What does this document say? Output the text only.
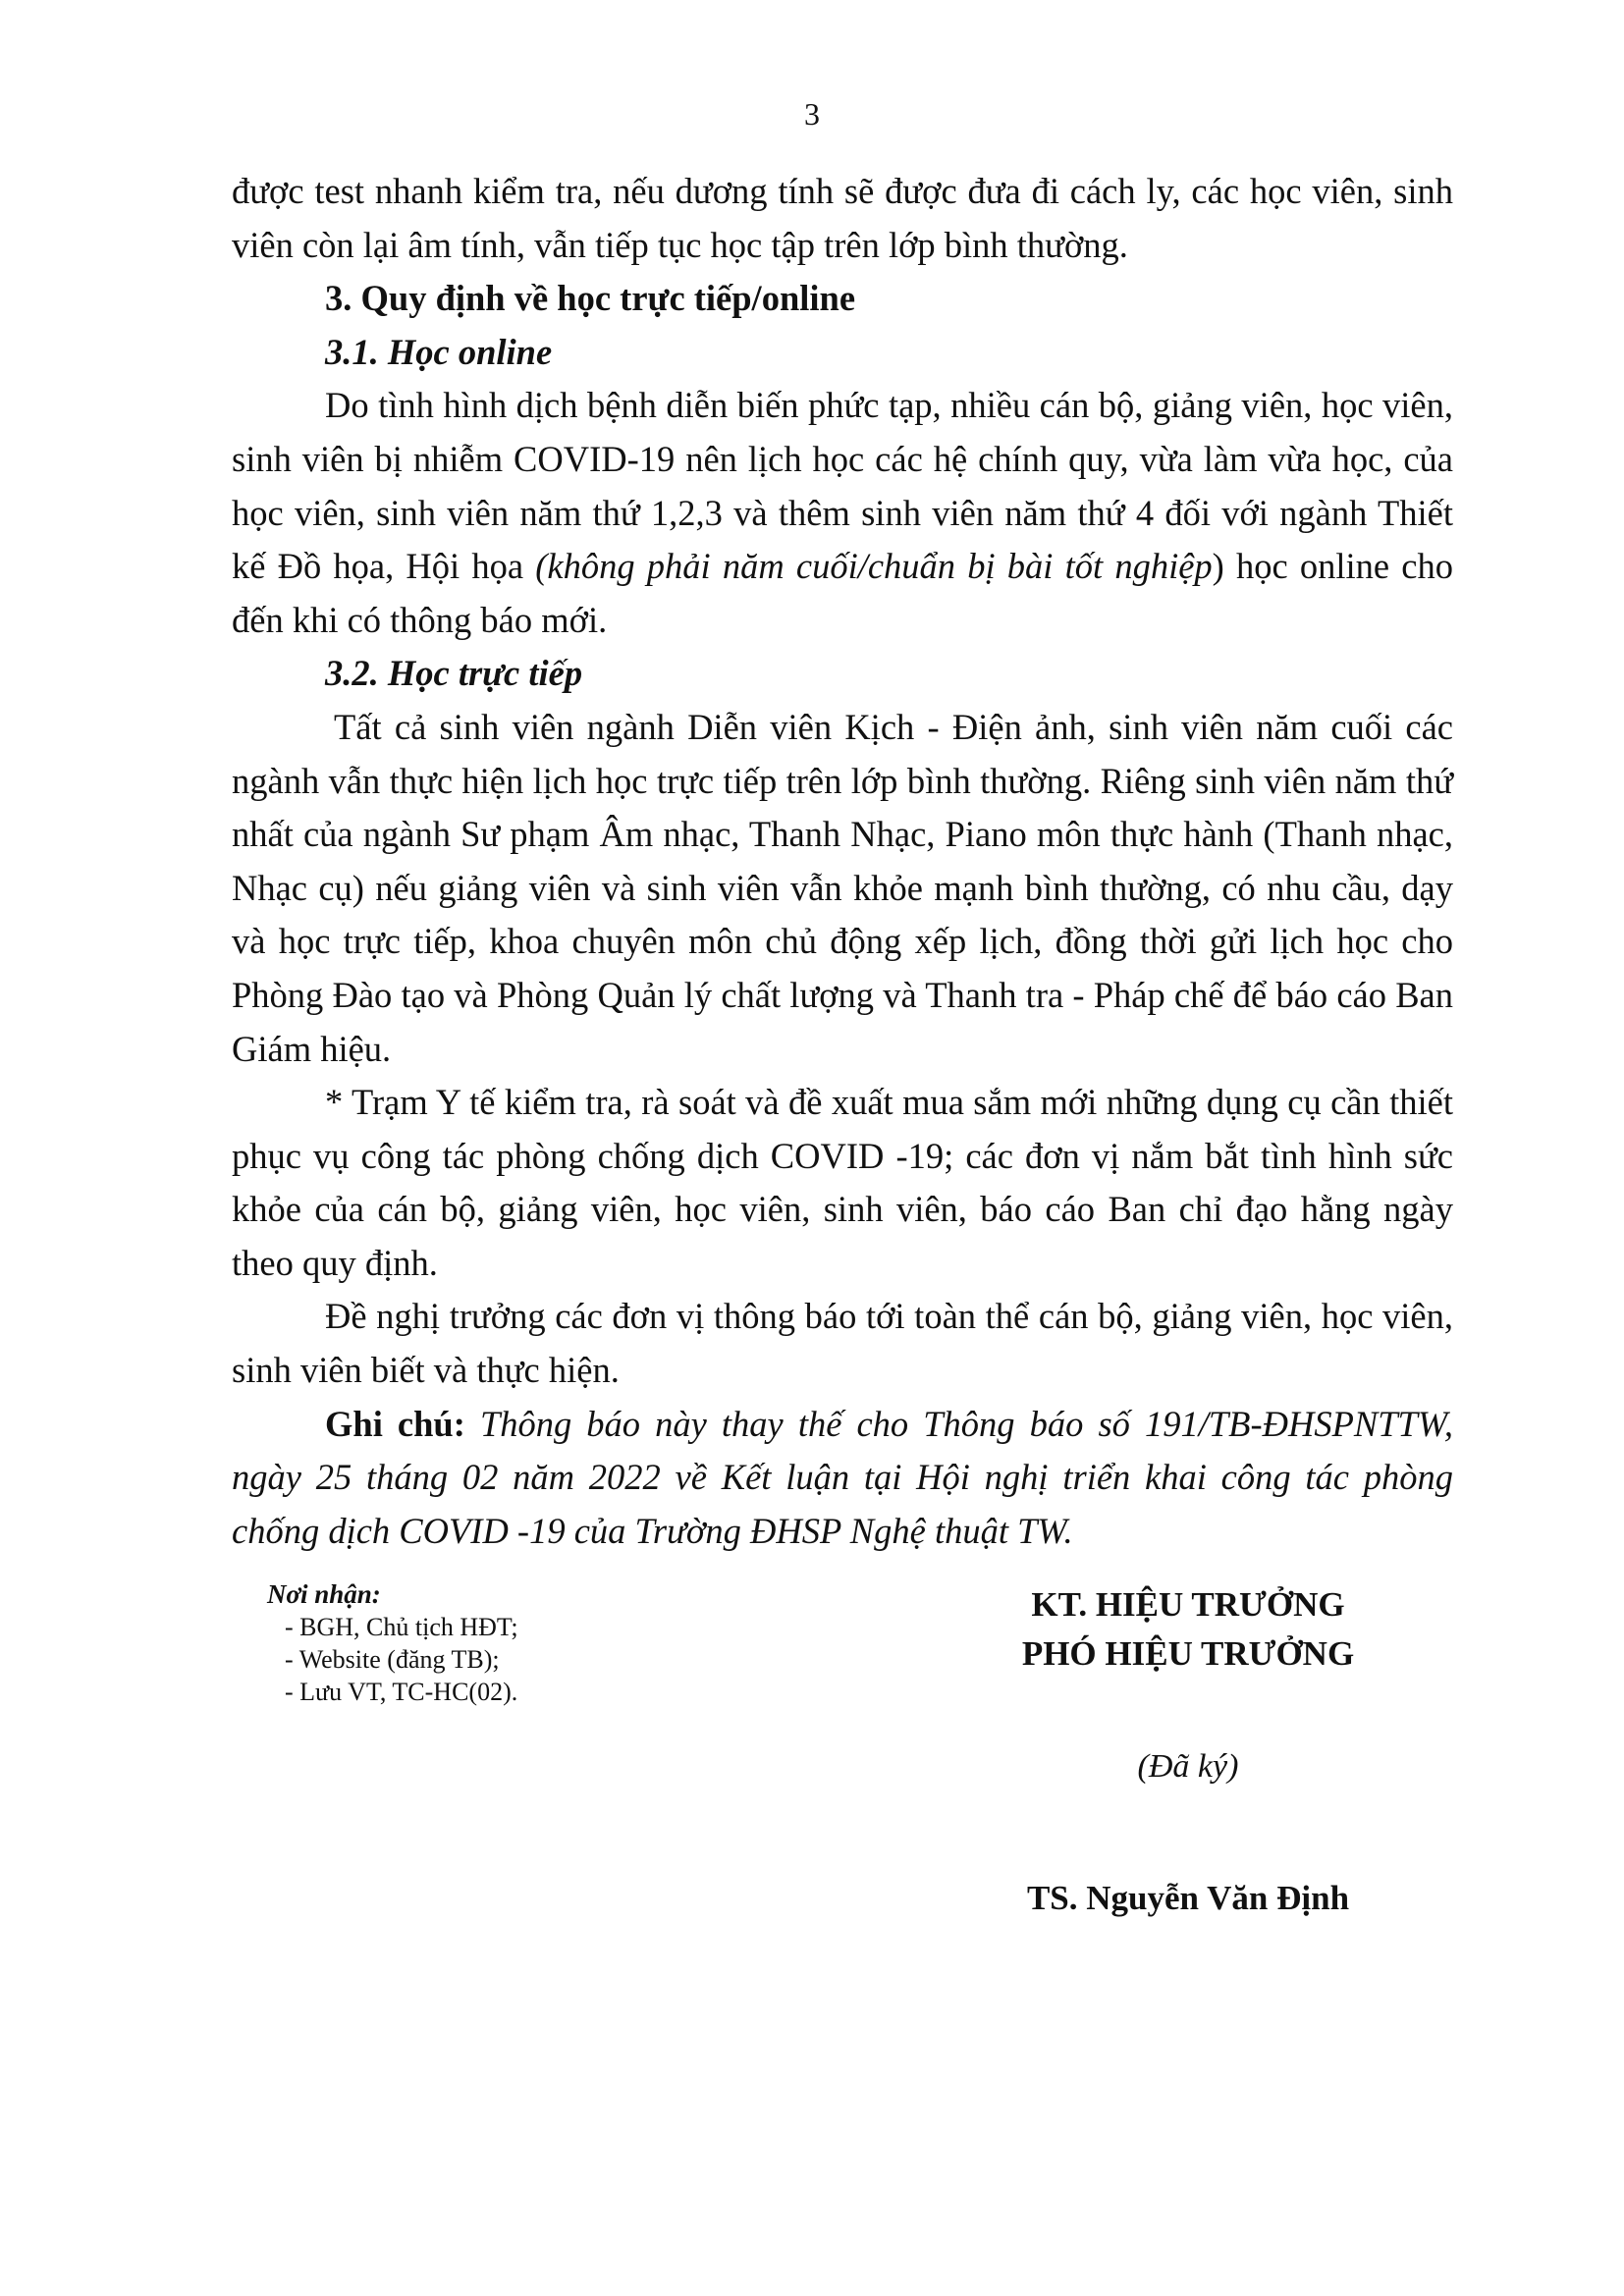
3

được test nhanh kiểm tra, nếu dương tính sẽ được đưa đi cách ly, các học viên, sinh viên còn lại âm tính, vẫn tiếp tục học tập trên lớp bình thường.

3. Quy định về học trực tiếp/online

3.1. Học online

Do tình hình dịch bệnh diễn biến phức tạp, nhiều cán bộ, giảng viên, học viên, sinh viên bị nhiễm COVID-19 nên lịch học các hệ chính quy, vừa làm vừa học, của học viên, sinh viên năm thứ 1,2,3 và thêm sinh viên năm thứ 4 đối với ngành Thiết kế Đồ họa, Hội họa (không phải năm cuối/chuẩn bị bài tốt nghiệp) học online cho đến khi có thông báo mới.

3.2. Học trực tiếp

Tất cả sinh viên ngành Diễn viên Kịch - Điện ảnh, sinh viên năm cuối các ngành vẫn thực hiện lịch học trực tiếp trên lớp bình thường. Riêng sinh viên năm thứ nhất của ngành Sư phạm Âm nhạc, Thanh Nhạc, Piano môn thực hành (Thanh nhạc, Nhạc cụ) nếu giảng viên và sinh viên vẫn khỏe mạnh bình thường, có nhu cầu, dạy và học trực tiếp, khoa chuyên môn chủ động xếp lịch, đồng thời gửi lịch học cho Phòng Đào tạo và Phòng Quản lý chất lượng và Thanh tra - Pháp chế để báo cáo Ban Giám hiệu.

* Trạm Y tế kiểm tra, rà soát và đề xuất mua sắm mới những dụng cụ cần thiết phục vụ công tác phòng chống dịch COVID -19; các đơn vị nắm bắt tình hình sức khỏe của cán bộ, giảng viên, học viên, sinh viên, báo cáo Ban chỉ đạo hằng ngày theo quy định.

Đề nghị trưởng các đơn vị thông báo tới toàn thể cán bộ, giảng viên, học viên, sinh viên biết và thực hiện.

Ghi chú: Thông báo này thay thế cho Thông báo số 191/TB-ĐHSPNTTW, ngày 25 tháng 02 năm 2022 về Kết luận tại Hội nghị triển khai công tác phòng chống dịch COVID -19 của Trường ĐHSP Nghệ thuật TW.

Nơi nhận:
- BGH, Chủ tịch HĐT;
- Website (đăng TB);
- Lưu VT, TC-HC(02).
KT. HIỆU TRƯỞNG
PHÓ HIỆU TRƯỞNG
(Đã ký)
TS. Nguyễn Văn Định
